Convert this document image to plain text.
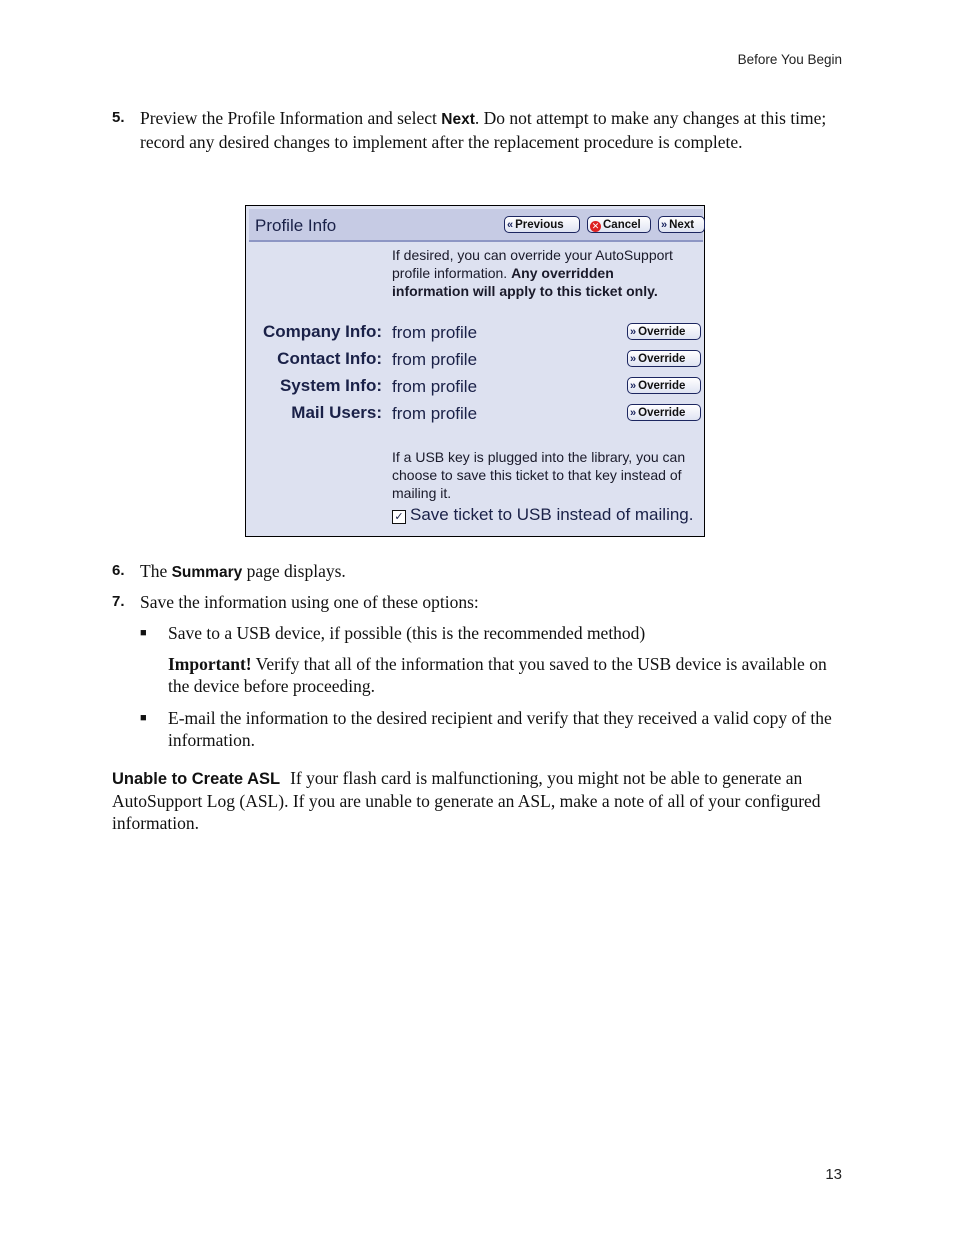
Before You Begin
5. Preview the Profile Information and select Next. Do not attempt to make any changes at this time; record any desired changes to implement after the replacement procedure is complete.
Profile Info	« Previous	✕ Cancel	» Next
If desired, you can override your AutoSupport profile information. Any overridden information will apply to this ticket only.
Company Info: from profile	» Override
Contact Info: from profile	» Override
System Info: from profile	» Override
Mail Users: from profile	» Override
If a USB key is plugged into the library, you can choose to save this ticket to that key instead of mailing it.
✓ Save ticket to USB instead of mailing.
6. The Summary page displays.
7. Save the information using one of these options:
■ Save to a USB device, if possible (this is the recommended method)
Important! Verify that all of the information that you saved to the USB device is available on the device before proceeding.
■ E-mail the information to the desired recipient and verify that they received a valid copy of the information.
Unable to Create ASL If your flash card is malfunctioning, you might not be able to generate an AutoSupport Log (ASL). If you are unable to generate an ASL, make a note of all of your configured information.
13
